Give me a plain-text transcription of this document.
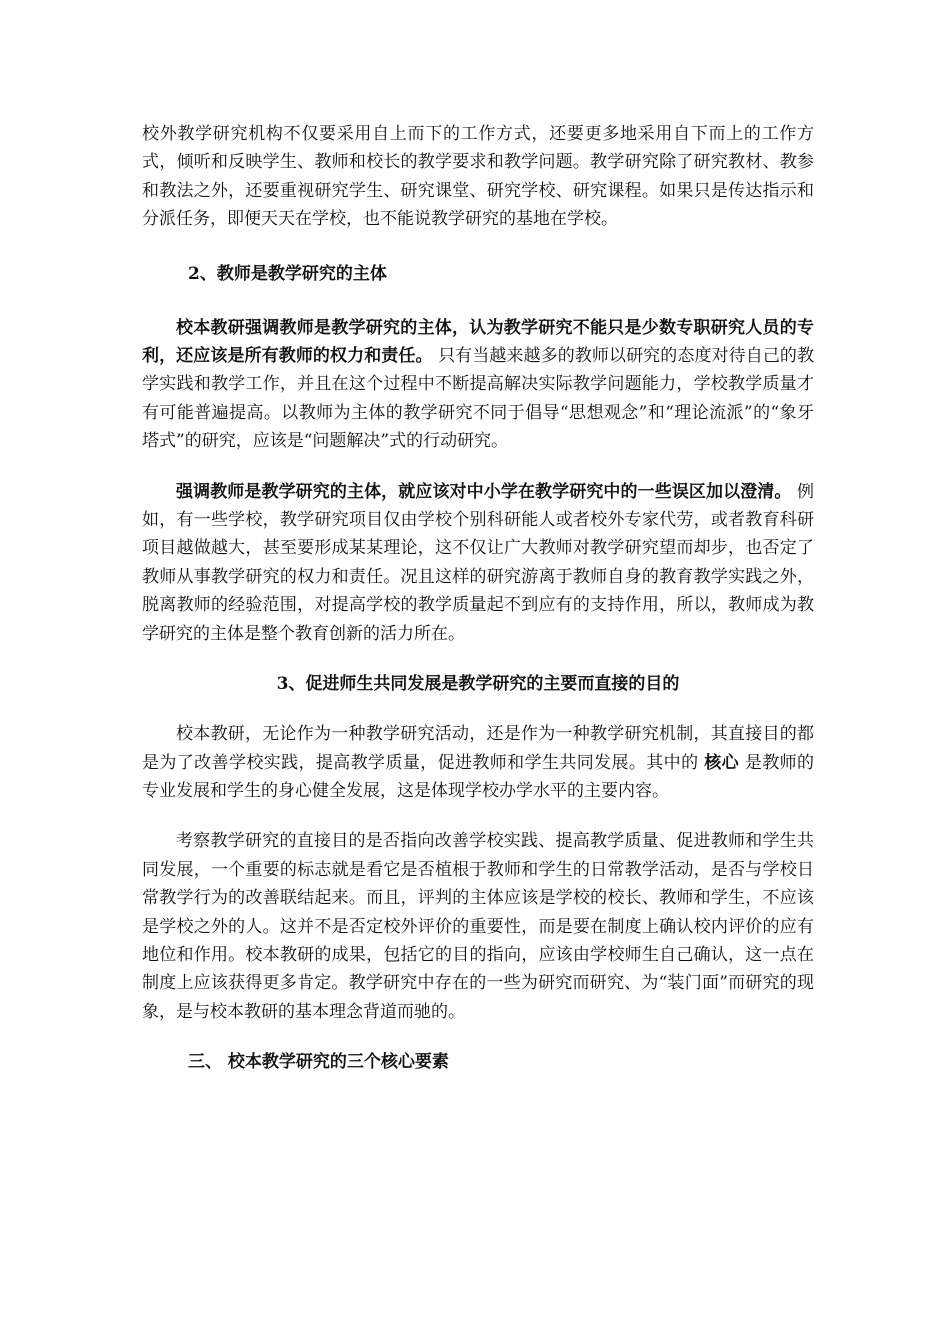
校外教学研究机构不仅要采用自上而下的工作方式，还要更多地采用自下而上的工作方式，倾听和反映学生、教师和校长的教学要求和教学问题。教学研究除了研究教材、教参和教法之外，还要重视研究学生、研究课堂、研究学校、研究课程。如果只是传达指示和分派任务，即便天天在学校，也不能说教学研究的基地在学校。

2、教师是教学研究的主体

校本教研强调教师是教学研究的主体，认为教学研究不能只是少数专职研究人员的专利，还应该是所有教师的权力和责任。 只有当越来越多的教师以研究的态度对待自己的教学实践和教学工作，并且在这个过程中不断提高解决实际教学问题能力，学校教学质量才有可能普遍提高。以教师为主体的教学研究不同于倡导“思想观念”和“理论流派”的“象牙塔式”的研究，应该是“问题解决”式的行动研究。

强调教师是教学研究的主体，就应该对中小学在教学研究中的一些误区加以澄清。 例如，有一些学校，教学研究项目仅由学校个别科研能人或者校外专家代劳，或者教育科研项目越做越大，甚至要形成某某理论，这不仅让广大教师对教学研究望而却步，也否定了教师从事教学研究的权力和责任。况且这样的研究游离于教师自身的教育教学实践之外，脱离教师的经验范围，对提高学校的教学质量起不到应有的支持作用，所以，教师成为教学研究的主体是整个教育创新的活力所在。

3、促进师生共同发展是教学研究的主要而直接的目的

校本教研，无论作为一种教学研究活动，还是作为一种教学研究机制，其直接目的都是为了改善学校实践，提高教学质量，促进教师和学生共同发展。其中的 核心 是教师的专业发展和学生的身心健全发展，这是体现学校办学水平的主要内容。

考察教学研究的直接目的是否指向改善学校实践、提高教学质量、促进教师和学生共同发展，一个重要的标志就是看它是否植根于教师和学生的日常教学活动，是否与学校日常教学行为的改善联结起来。而且，评判的主体应该是学校的校长、教师和学生，不应该是学校之外的人。这并不是否定校外评价的重要性，而是要在制度上确认校内评价的应有地位和作用。校本教研的成果，包括它的目的指向，应该由学校师生自己确认，这一点在制度上应该获得更多肯定。教学研究中存在的一些为研究而研究、为“装门面”而研究的现象，是与校本教研的基本理念背道而驰的。

三、 校本教学研究的三个核心要素
